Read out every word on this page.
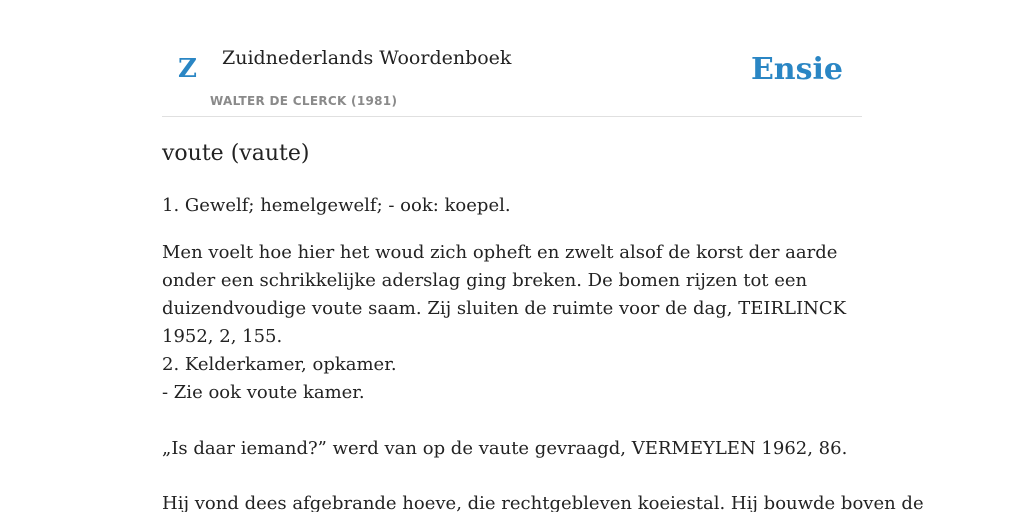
Z Zuidnederlands Woordenboek
WALTER DE CLERCK (1981)
Ensie
voute (vaute)

1. Gewelf; hemelgewelf; - ook: koepel.

Men voelt hoe hier het woud zich opheft en zwelt alsof de korst der aarde onder een schrikkelijke aderslag ging breken. De bomen rijzen tot een duizendvoudige voute saam. Zij sluiten de ruimte voor de dag, TEIRLINCK 1952, 2, 155.

2. Kelderkamer, opkamer.

- Zie ook voute kamer.

„Is daar iemand?” werd van op de vaute gevraagd, VERMEYLEN 1962, 86.

Hij vond dees afgebrande hoeve, die rechtgebleven koeiestal. Hij bouwde boven de
